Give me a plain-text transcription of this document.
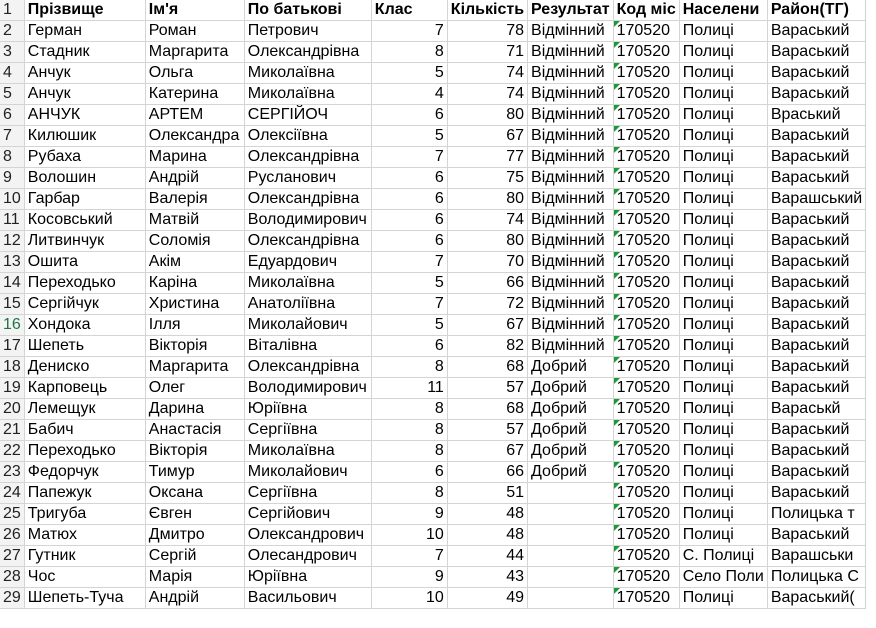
1	Прізвище	Ім'я	По батькові	Клас	Кількість	Результат	Код міс	Населени	Район(ТГ)
2	Герман	Роман	Петрович	7	78	Відмінний	170520	Полиці	Вараський
3	Стадник	Маргарита	Олександрівна	8	71	Відмінний	170520	Полиці	Вараський
4	Анчук	Ольга	Миколаївна	5	74	Відмінний	170520	Полиці	Вараський
5	Анчук	Катерина	Миколаївна	4	74	Відмінний	170520	Полиці	Вараський
6	АНЧУК	АРТЕМ	СЕРГІЙОЧ	6	80	Відмінний	170520	Полиці	Враський
7	Килюшик	Олександра	Олексіївна	5	67	Відмінний	170520	Полиці	Вараський
8	Рубаха	Марина	Олександрівна	7	77	Відмінний	170520	Полиці	Вараський
9	Волошин	Андрій	Русланович	6	75	Відмінний	170520	Полиці	Вараський
10	Гарбар	Валерія	Олександрівна	6	80	Відмінний	170520	Полиці	Варашський
11	Косовський	Матвій	Володимирович	6	74	Відмінний	170520	Полиці	Вараський
12	Литвинчук	Соломія	Олександрівна	6	80	Відмінний	170520	Полиці	Вараський
13	Ошита	Акім	Едуардович	7	70	Відмінний	170520	Полиці	Вараський
14	Переходько	Каріна	Миколаївна	5	66	Відмінний	170520	Полиці	Вараський
15	Сергійчук	Христина	Анатоліївна	7	72	Відмінний	170520	Полиці	Вараський
16	Хондока	Ілля	Миколайович	5	67	Відмінний	170520	Полиці	Вараський
17	Шепеть	Вікторія	Віталівна	6	82	Відмінний	170520	Полиці	Вараський
18	Дениско	Маргарита	Олександрівна	8	68	Добрий	170520	Полиці	Вараський
19	Карповець	Олег	Володимирович	11	57	Добрий	170520	Полиці	Вараський
20	Лемещук	Дарина	Юріївна	8	68	Добрий	170520	Полиці	Вараськй
21	Бабич	Анастасія	Сергіївна	8	57	Добрий	170520	Полиці	Вараський
22	Переходько	Вікторія	Миколаївна	8	67	Добрий	170520	Полиці	Вараський
23	Федорчук	Тимур	Миколайович	6	66	Добрий	170520	Полиці	Вараський
24	Папежук	Оксана	Сергіївна	8	51		170520	Полиці	Вараський
25	Тригуба	Євген	Сергійович	9	48		170520	Полиці	Полицька т
26	Матюх	Дмитро	Олександрович	10	48		170520	Полиці	Вараський
27	Гутник	Сергій	Олесандрович	7	44		170520	С. Полиці	Варашськи
28	Чос	Марія	Юріївна	9	43		170520	Село Поли	Полицька С
29	Шепеть-Туча	Андрій	Васильович	10	49		170520	Полиці	Вараський(
